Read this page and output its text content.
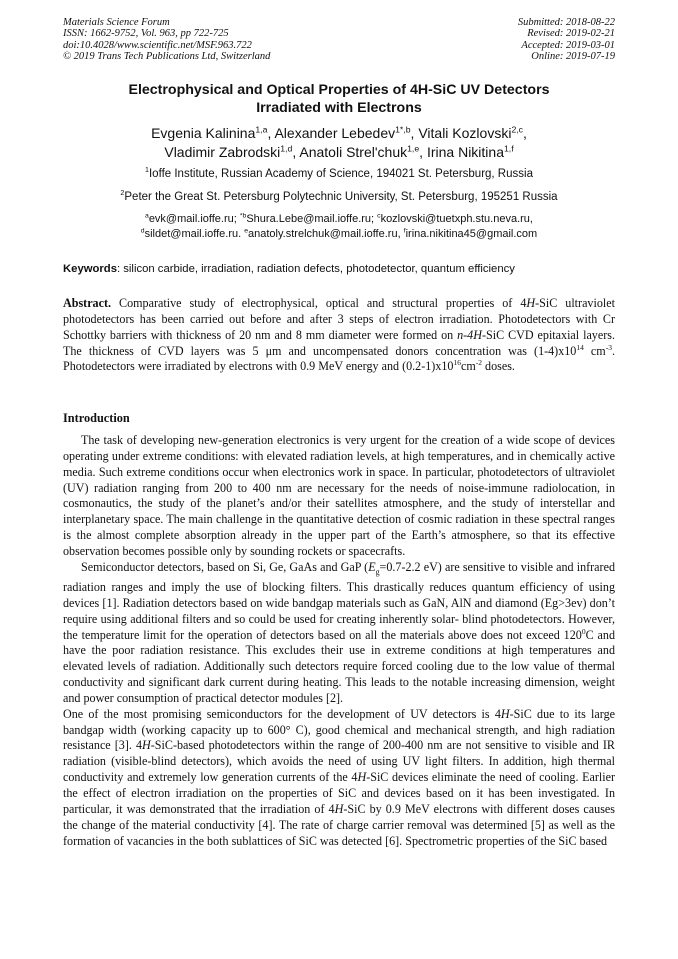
Materials Science Forum
ISSN: 1662-9752, Vol. 963, pp 722-725
doi:10.4028/www.scientific.net/MSF.963.722
© 2019 Trans Tech Publications Ltd, Switzerland
Submitted: 2018-08-22
Revised: 2019-02-21
Accepted: 2019-03-01
Online: 2019-07-19
Electrophysical and Optical Properties of 4H-SiC UV Detectors
Irradiated with Electrons
Evgenia Kalinina$^{1,a}$, Alexander Lebedev$^{1*,b}$, Vitali Kozlovski$^{2,c}$,
Vladimir Zabrodski$^{1,d}$, Anatoli Strel'chuk$^{1,e}$, Irina Nikitina$^{1,f}$
$^1$Ioffe Institute, Russian Academy of Science, 194021 St. Petersburg, Russia
$^2$Peter the Great St. Petersburg Polytechnic University, St. Petersburg, 195251 Russia
$^a$evk@mail.ioffe.ru; $^{*b}$Shura.Lebe@mail.ioffe.ru; $^c$kozlovski@tuetxph.stu.neva.ru,
$^d$sildet@mail.ioffe.ru. $^e$anatoly.strelchuk@mail.ioffe.ru, $^f$irina.nikitina45@gmail.com
Keywords: silicon carbide, irradiation, radiation defects, photodetector, quantum efficiency
Abstract. Comparative study of electrophysical, optical and structural properties of 4H-SiC ultraviolet photodetectors has been carried out before and after 3 steps of electron irradiation. Photodetectors with Cr Schottky barriers with thickness of 20 nm and 8 mm diameter were formed on n-4H-SiC CVD epitaxial layers. The thickness of CVD layers was 5 μm and uncompensated donors concentration was $(1-4)x10^{14}$ $cm^{-3}$. Photodetectors were irradiated by electrons with 0.9 MeV energy and $(0.2-1)x10^{16}cm^{-2}$ doses.
Introduction

The task of developing new-generation electronics is very urgent for the creation of a wide scope of devices operating under extreme conditions: with elevated radiation levels, at high temperatures, and in chemically active media. Such extreme conditions occur when electronics work in space. In particular, photodetectors of ultraviolet (UV) radiation ranging from 200 to 400 nm are necessary for the needs of noise-immune radiolocation, in cosmonautics, the study of the planet’s and/or their satellites atmosphere, and the study of interstellar and interplanetary space. The main challenge in the quantitative detection of cosmic radiation in these spectral ranges is the almost complete absorption already in the upper part of the Earth’s atmosphere, so that its effective observation becomes possible only by sounding rockets or spacecrafts.

Semiconductor detectors, based on Si, Ge, GaAs and GaP ($E_g=0.7-2.2$ eV) are sensitive to visible and infrared radiation ranges and imply the use of blocking filters. This drastically reduces quantum efficiency of using devices [1]. Radiation detectors based on wide bandgap materials such as GaN, AlN and diamond (Eg>3ev) don’t require using additional filters and so could be used for creating inherently solar- blind photodetectors. However, the temperature limit for the operation of detectors based on all the materials above does not exceed $120^0C$ and have the poor radiation resistance. This excludes their use in extreme conditions at high temperatures and elevated levels of radiation. Additionally such detectors require forced cooling due to the low value of thermal conductivity and significant dark current during heating. This leads to the notable increasing dimension, weight and power consumption of practical detector modules [2].

One of the most promising semiconductors for the development of UV detectors is 4H-SiC due to its large bandgap width (working capacity up to 600° C), good chemical and mechanical strength, and high radiation resistance [3]. 4H-SiC-based photodetectors within the range of 200-400 nm are not sensitive to visible and IR radiation (visible-blind detectors), which avoids the need of using UV light filters. In addition, high thermal conductivity and extremely low generation currents of the 4H-SiC devices eliminate the need of cooling. Earlier the effect of electron irradiation on the properties of SiC and devices based on it has been investigated. In particular, it was demonstrated that the irradiation of 4H-SiC by 0.9 MeV electrons with different doses causes the change of the material conductivity [4]. The rate of charge carrier removal was determined [5] as well as the formation of vacancies in the both sublattices of SiC was detected [6]. Spectrometric properties of the SiC based
